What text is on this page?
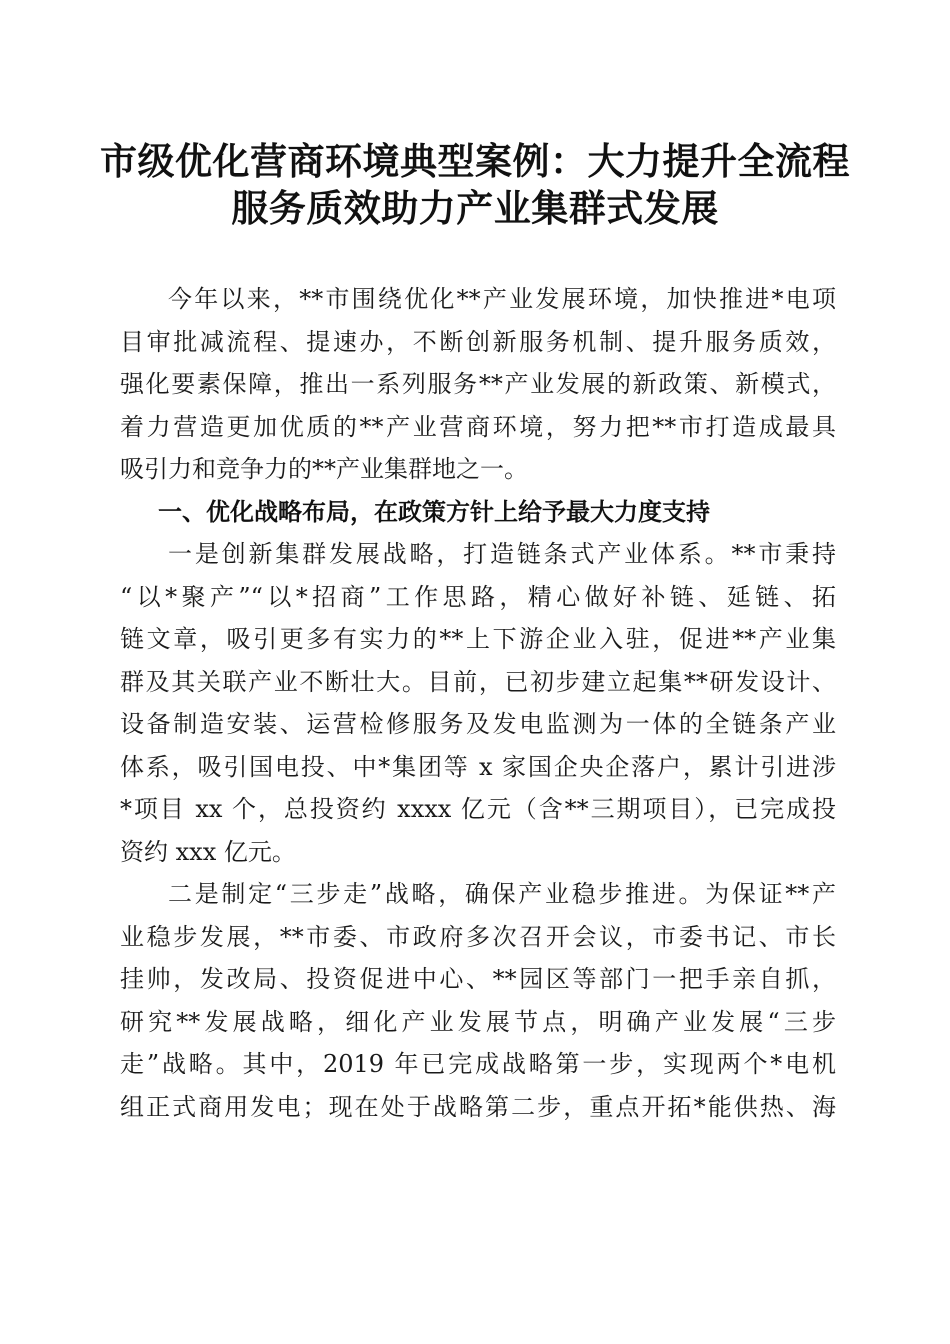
市级优化营商环境典型案例：大力提升全流程
服务质效助力产业集群式发展
今年以来，**市围绕优化**产业发展环境，加快推进*电项
目审批减流程、提速办，不断创新服务机制、提升服务质效，
强化要素保障，推出一系列服务**产业发展的新政策、新模式，
着力营造更加优质的**产业营商环境，努力把**市打造成最具
吸引力和竞争力的**产业集群地之一。
一、优化战略布局，在政策方针上给予最大力度支持
一是创新集群发展战略，打造链条式产业体系。**市秉持
“以*聚产”“以*招商”工作思路，精心做好补链、延链、拓
链文章，吸引更多有实力的**上下游企业入驻，促进**产业集
群及其关联产业不断壮大。目前，已初步建立起集**研发设计、
设备制造安装、运营检修服务及发电监测为一体的全链条产业
体系，吸引国电投、中*集团等 x 家国企央企落户，累计引进涉
*项目 xx 个，总投资约 xxxx 亿元（含**三期项目），已完成投
资约 xxx 亿元。
二是制定“三步走”战略，确保产业稳步推进。为保证**产
业稳步发展，**市委、市政府多次召开会议，市委书记、市长
挂帅，发改局、投资促进中心、**园区等部门一把手亲自抓，
研究**发展战略，细化产业发展节点，明确产业发展“三步
走”战略。其中，2019 年已完成战略第一步，实现两个*电机
组正式商用发电；现在处于战略第二步，重点开拓*能供热、海
